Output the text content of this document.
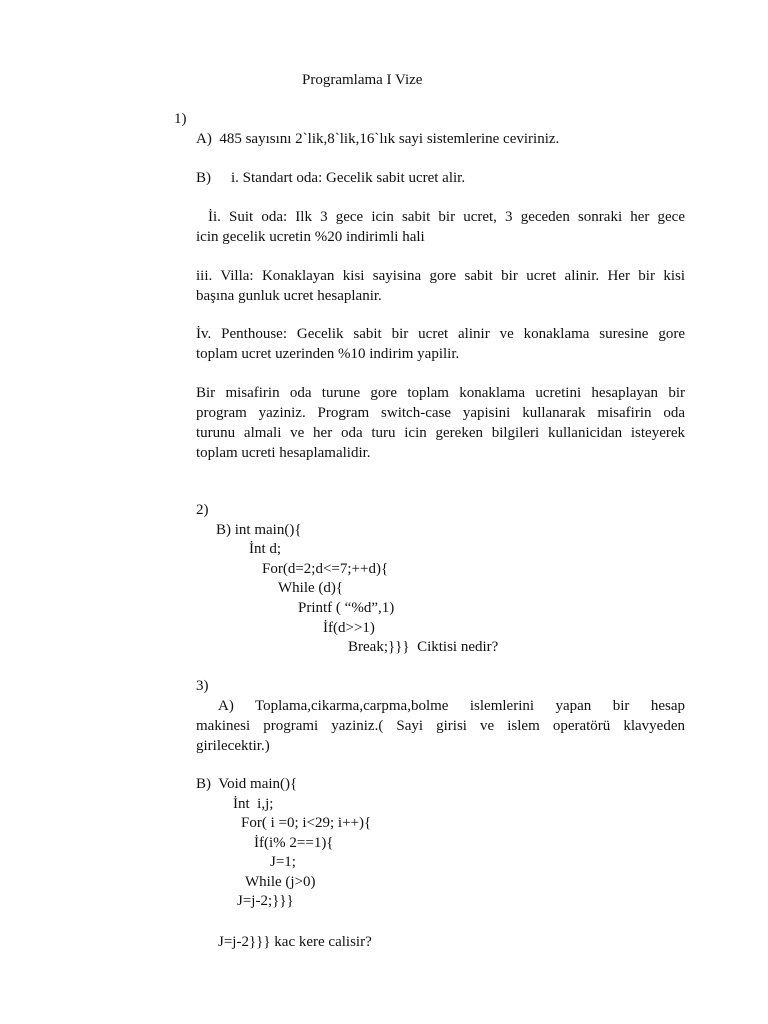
Programlama I Vize

1)

A)  485 sayısını 2`lik,8`lik,16`lık sayi sistemlerine ceviriniz.

B) i. Standart oda: Gecelik sabit ucret alir.

İi. Suit oda: Ilk 3 gece icin sabit bir ucret, 3 geceden sonraki her gece

icin gecelik ucretin %20 indirimli hali

iii. Villa: Konaklayan kisi sayisina gore sabit bir ucret alinir. Her bir kisi

başına gunluk ucret hesaplanir.

İv. Penthouse: Gecelik sabit bir ucret alinir ve konaklama suresine gore

toplam ucret uzerinden %10 indirim yapilir.

Bir misafirin oda turune gore toplam konaklama ucretini hesaplayan bir

program yaziniz. Program switch-case yapisini kullanarak misafirin oda

turunu almali ve her oda turu icin gereken bilgileri kullanicidan isteyerek

toplam ucreti hesaplamalidir.

2)

B) int main(){

İnt d;

For(d=2;d<=7;++d){

While (d){

Printf ( “%d”,1)

İf(d>>1)

Break;}}}  Ciktisi nedir?

3)

A) Toplama,cikarma,carpma,bolme islemlerini yapan bir hesap

makinesi programi yaziniz.( Sayi girisi ve islem operatörü klavyeden

girilecektir.)

B)  Void main(){

İnt  i,j;

For( i =0; i<29; i++){

İf(i% 2==1){

J=1;

While (j>0)

J=j-2;}}}

J=j-2}}} kac kere calisir?
